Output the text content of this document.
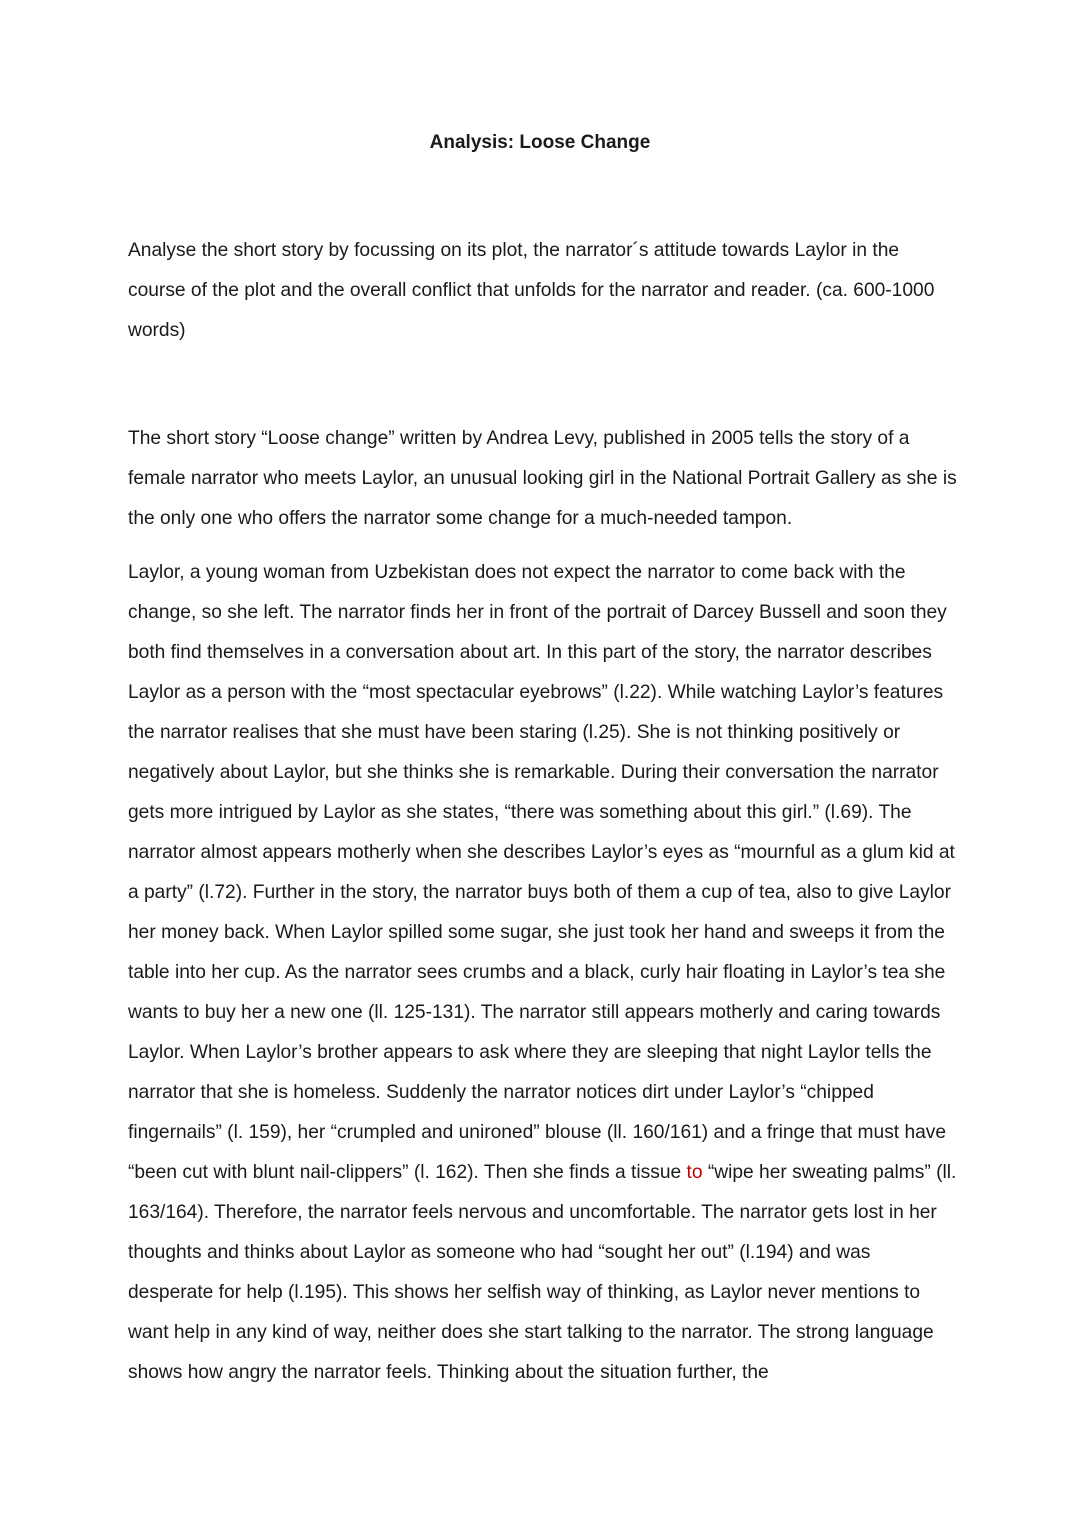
Analysis: Loose Change

Analyse the short story by focussing on its plot, the narrator´s attitude towards Laylor in the course of the plot and the overall conflict that unfolds for the narrator and reader. (ca. 600-1000 words)

The short story “Loose change” written by Andrea Levy, published in 2005 tells the story of a female narrator who meets Laylor, an unusual looking girl in the National Portrait Gallery as she is the only one who offers the narrator some change for a much-needed tampon.

Laylor, a young woman from Uzbekistan does not expect the narrator to come back with the change, so she left. The narrator finds her in front of the portrait of Darcey Bussell and soon they both find themselves in a conversation about art. In this part of the story, the narrator describes Laylor as a person with the “most spectacular eyebrows” (l.22). While watching Laylor’s features the narrator realises that she must have been staring (l.25). She is not thinking positively or negatively about Laylor, but she thinks she is remarkable. During their conversation the narrator gets more intrigued by Laylor as she states, “there was something about this girl.” (l.69). The narrator almost appears motherly when she describes Laylor’s eyes as “mournful as a glum kid at a party” (l.72). Further in the story, the narrator buys both of them a cup of tea, also to give Laylor her money back. When Laylor spilled some sugar, she just took her hand and sweeps it from the table into her cup. As the narrator sees crumbs and a black, curly hair floating in Laylor’s tea she wants to buy her a new one (ll. 125-131). The narrator still appears motherly and caring towards Laylor. When Laylor’s brother appears to ask where they are sleeping that night Laylor tells the narrator that she is homeless. Suddenly the narrator notices dirt under Laylor’s “chipped fingernails” (l. 159), her “crumpled and unironed” blouse (ll. 160/161) and a fringe that must have “been cut with blunt nail-clippers” (l. 162). Then she finds a tissue to “wipe her sweating palms” (ll. 163/164). Therefore, the narrator feels nervous and uncomfortable. The narrator gets lost in her thoughts and thinks about Laylor as someone who had “sought her out” (l.194) and was desperate for help (l.195). This shows her selfish way of thinking, as Laylor never mentions to want help in any kind of way, neither does she start talking to the narrator. The strong language shows how angry the narrator feels. Thinking about the situation further, the
